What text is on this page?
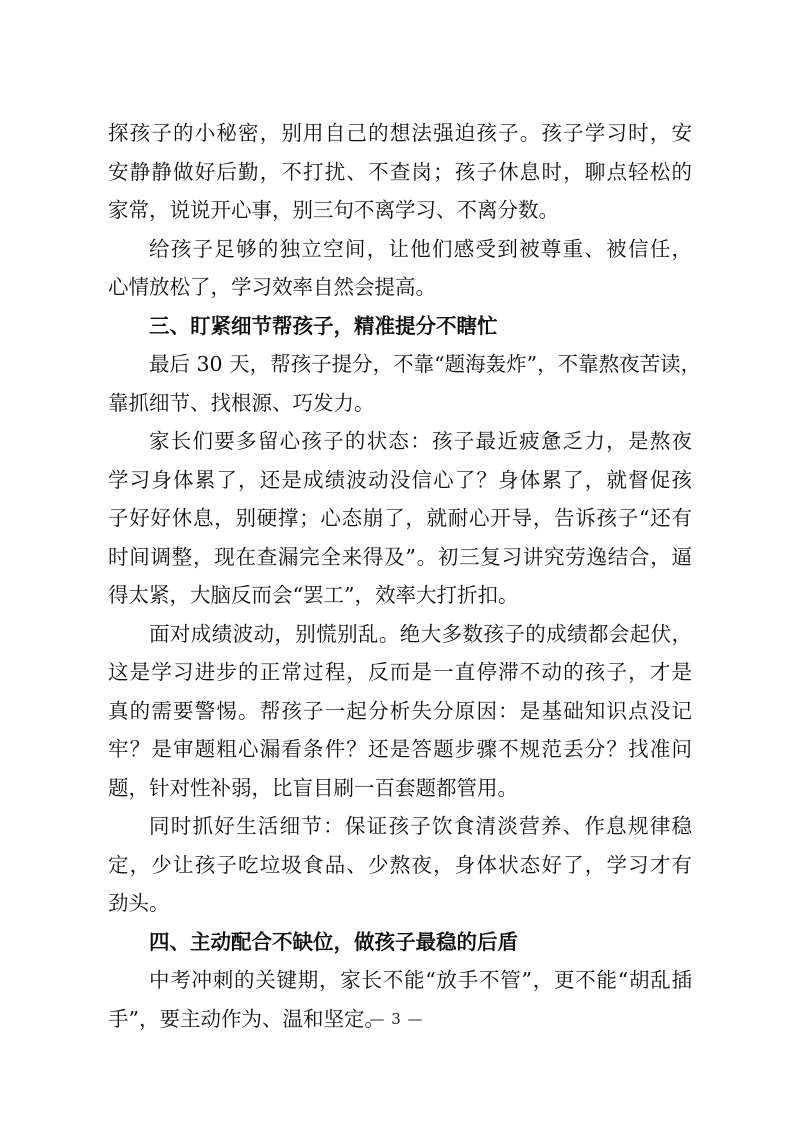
探孩子的小秘密，别用自己的想法强迫孩子。孩子学习时，安
安静静做好后勤，不打扰、不查岗；孩子休息时，聊点轻松的
家常，说说开心事，别三句不离学习、不离分数。
给孩子足够的独立空间，让他们感受到被尊重、被信任，
心情放松了，学习效率自然会提高。
三、盯紧细节帮孩子，精准提分不瞎忙
最后 30 天，帮孩子提分，不靠“题海轰炸”，不靠熬夜苦读，
靠抓细节、找根源、巧发力。
家长们要多留心孩子的状态：孩子最近疲惫乏力，是熬夜
学习身体累了，还是成绩波动没信心了？身体累了，就督促孩
子好好休息，别硬撑；心态崩了，就耐心开导，告诉孩子“还有
时间调整，现在查漏完全来得及”。初三复习讲究劳逸结合，逼
得太紧，大脑反而会“罢工”，效率大打折扣。
面对成绩波动，别慌别乱。绝大多数孩子的成绩都会起伏，
这是学习进步的正常过程，反而是一直停滞不动的孩子，才是
真的需要警惕。帮孩子一起分析失分原因：是基础知识点没记
牢？是审题粗心漏看条件？还是答题步骤不规范丢分？找准问
题，针对性补弱，比盲目刷一百套题都管用。
同时抓好生活细节：保证孩子饮食清淡营养、作息规律稳
定，少让孩子吃垃圾食品、少熬夜，身体状态好了，学习才有
劲头。
四、主动配合不缺位，做孩子最稳的后盾
中考冲刺的关键期，家长不能“放手不管”，更不能“胡乱插
手”，要主动作为、温和坚定。
— 3 —
